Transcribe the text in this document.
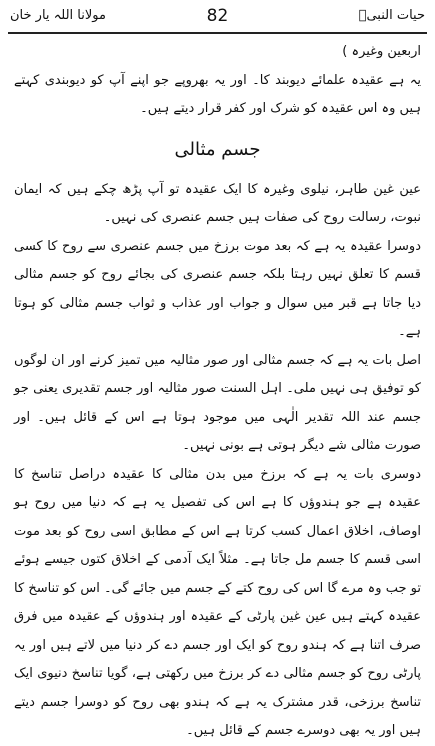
مولانا اللہ یار خان	82	حیات النبیؐ

اربعین وغیرہ )

یہ ہے عقیدہ علمائے دیوبند کا۔ اور یہ بھروپے جو اپنے آپ کو دیوبندی کہتے ہیں وہ اس عقیدہ کو شرک اور کفر قرار دیتے ہیں۔

جسم مثالی

عین غین طاہر، نیلوی وغیرہ کا ایک عقیدہ تو آپ پڑھ چکے ہیں کہ ایمان نبوت، رسالت روح کی صفات ہیں جسم عنصری کی نہیں۔

دوسرا عقیدہ یہ ہے کہ بعد موت برزخ میں جسم عنصری سے روح کا کسی قسم کا تعلق نہیں رہتا بلکہ جسم عنصری کی بجائے روح کو جسم مثالی دیا جاتا ہے قبر میں سوال و جواب اور عذاب و ثواب جسم مثالی کو ہوتا ہے۔

اصل بات یہ ہے کہ جسم مثالی اور صور مثالیہ میں تمیز کرنے اور ان لوگوں کو توفیق ہی نہیں ملی۔ اہل السنت صور مثالیہ اور جسم تقدیری یعنی جو جسم عند اللہ تقدیر الٰہی میں موجود ہوتا ہے اس کے قائل ہیں۔ اور صورت مثالی شے دیگر ہوتی ہے بونی نہیں۔

دوسری بات یہ ہے کہ برزخ میں بدن مثالی کا عقیدہ دراصل تناسخ کا عقیدہ ہے جو ہندوؤں کا ہے اس کی تفصیل یہ ہے کہ دنیا میں روح ہو اوصاف، اخلاق اعمال کسب کرتا ہے اس کے مطابق اسی روح کو بعد موت اسی قسم کا جسم مل جاتا ہے۔ مثلاً ایک آدمی کے اخلاق کتوں جیسے ہوئے تو جب وہ مرے گا اس کی روح کتے کے جسم میں جائے گی۔ اس کو تناسخ کا عقیدہ کہتے ہیں عین غین پارٹی کے عقیدہ اور ہندوؤں کے عقیدہ میں فرق صرف اتنا ہے کہ ہندو روح کو ایک اور جسم دے کر دنیا میں لاتے ہیں اور یہ پارٹی روح کو جسم مثالی دے کر برزخ میں رکھتی ہے، گویا تناسخ دنیوی ایک تناسخ برزخی، قدر مشترک یہ ہے کہ ہندو بھی روح کو دوسرا جسم دیتے ہیں اور یہ بھی دوسرے جسم کے قائل ہیں۔
